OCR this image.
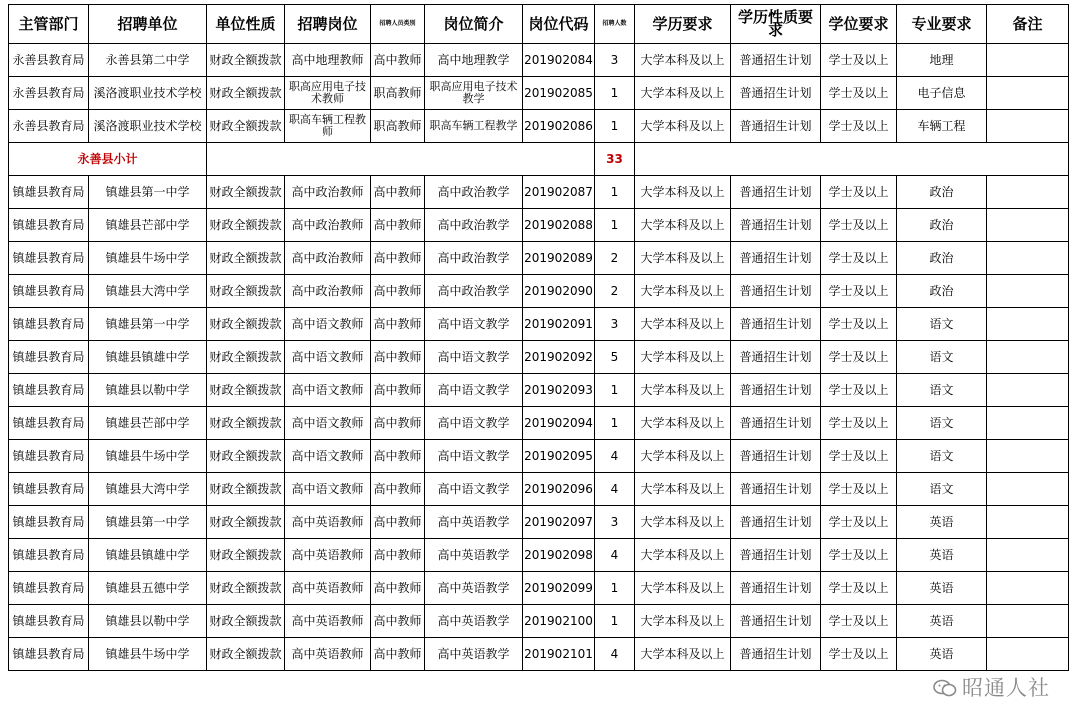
主管部门	招聘单位	单位性质	招聘岗位	招聘人员类别	岗位简介	岗位代码	招聘人数	学历要求	学历性质要求	学位要求	专业要求	备注
永善县教育局	永善县第二中学	财政全额拨款	高中地理教师	高中教师	高中地理教学	201902084	3	大学本科及以上	普通招生计划	学士及以上	地理	
永善县教育局	溪洛渡职业技术学校	财政全额拨款	职高应用电子技术教师	职高教师	职高应用电子技术教学	201902085	1	大学本科及以上	普通招生计划	学士及以上	电子信息	
永善县教育局	溪洛渡职业技术学校	财政全额拨款	职高车辆工程教师	职高教师	职高车辆工程教学	201902086	1	大学本科及以上	普通招生计划	学士及以上	车辆工程	
永善县小计							33					
镇雄县教育局	镇雄县第一中学	财政全额拨款	高中政治教师	高中教师	高中政治教学	201902087	1	大学本科及以上	普通招生计划	学士及以上	政治	
镇雄县教育局	镇雄县芒部中学	财政全额拨款	高中政治教师	高中教师	高中政治教学	201902088	1	大学本科及以上	普通招生计划	学士及以上	政治	
镇雄县教育局	镇雄县牛场中学	财政全额拨款	高中政治教师	高中教师	高中政治教学	201902089	2	大学本科及以上	普通招生计划	学士及以上	政治	
镇雄县教育局	镇雄县大湾中学	财政全额拨款	高中政治教师	高中教师	高中政治教学	201902090	2	大学本科及以上	普通招生计划	学士及以上	政治	
镇雄县教育局	镇雄县第一中学	财政全额拨款	高中语文教师	高中教师	高中语文教学	201902091	3	大学本科及以上	普通招生计划	学士及以上	语文	
镇雄县教育局	镇雄县镇雄中学	财政全额拨款	高中语文教师	高中教师	高中语文教学	201902092	5	大学本科及以上	普通招生计划	学士及以上	语文	
镇雄县教育局	镇雄县以勒中学	财政全额拨款	高中语文教师	高中教师	高中语文教学	201902093	1	大学本科及以上	普通招生计划	学士及以上	语文	
镇雄县教育局	镇雄县芒部中学	财政全额拨款	高中语文教师	高中教师	高中语文教学	201902094	1	大学本科及以上	普通招生计划	学士及以上	语文	
镇雄县教育局	镇雄县牛场中学	财政全额拨款	高中语文教师	高中教师	高中语文教学	201902095	4	大学本科及以上	普通招生计划	学士及以上	语文	
镇雄县教育局	镇雄县大湾中学	财政全额拨款	高中语文教师	高中教师	高中语文教学	201902096	4	大学本科及以上	普通招生计划	学士及以上	语文	
镇雄县教育局	镇雄县第一中学	财政全额拨款	高中英语教师	高中教师	高中英语教学	201902097	3	大学本科及以上	普通招生计划	学士及以上	英语	
镇雄县教育局	镇雄县镇雄中学	财政全额拨款	高中英语教师	高中教师	高中英语教学	201902098	4	大学本科及以上	普通招生计划	学士及以上	英语	
镇雄县教育局	镇雄县五德中学	财政全额拨款	高中英语教师	高中教师	高中英语教学	201902099	1	大学本科及以上	普通招生计划	学士及以上	英语	
镇雄县教育局	镇雄县以勒中学	财政全额拨款	高中英语教师	高中教师	高中英语教学	201902100	1	大学本科及以上	普通招生计划	学士及以上	英语	
镇雄县教育局	镇雄县牛场中学	财政全额拨款	高中英语教师	高中教师	高中英语教学	201902101	4	大学本科及以上	普通招生计划	学士及以上	英语	
昭通人社
